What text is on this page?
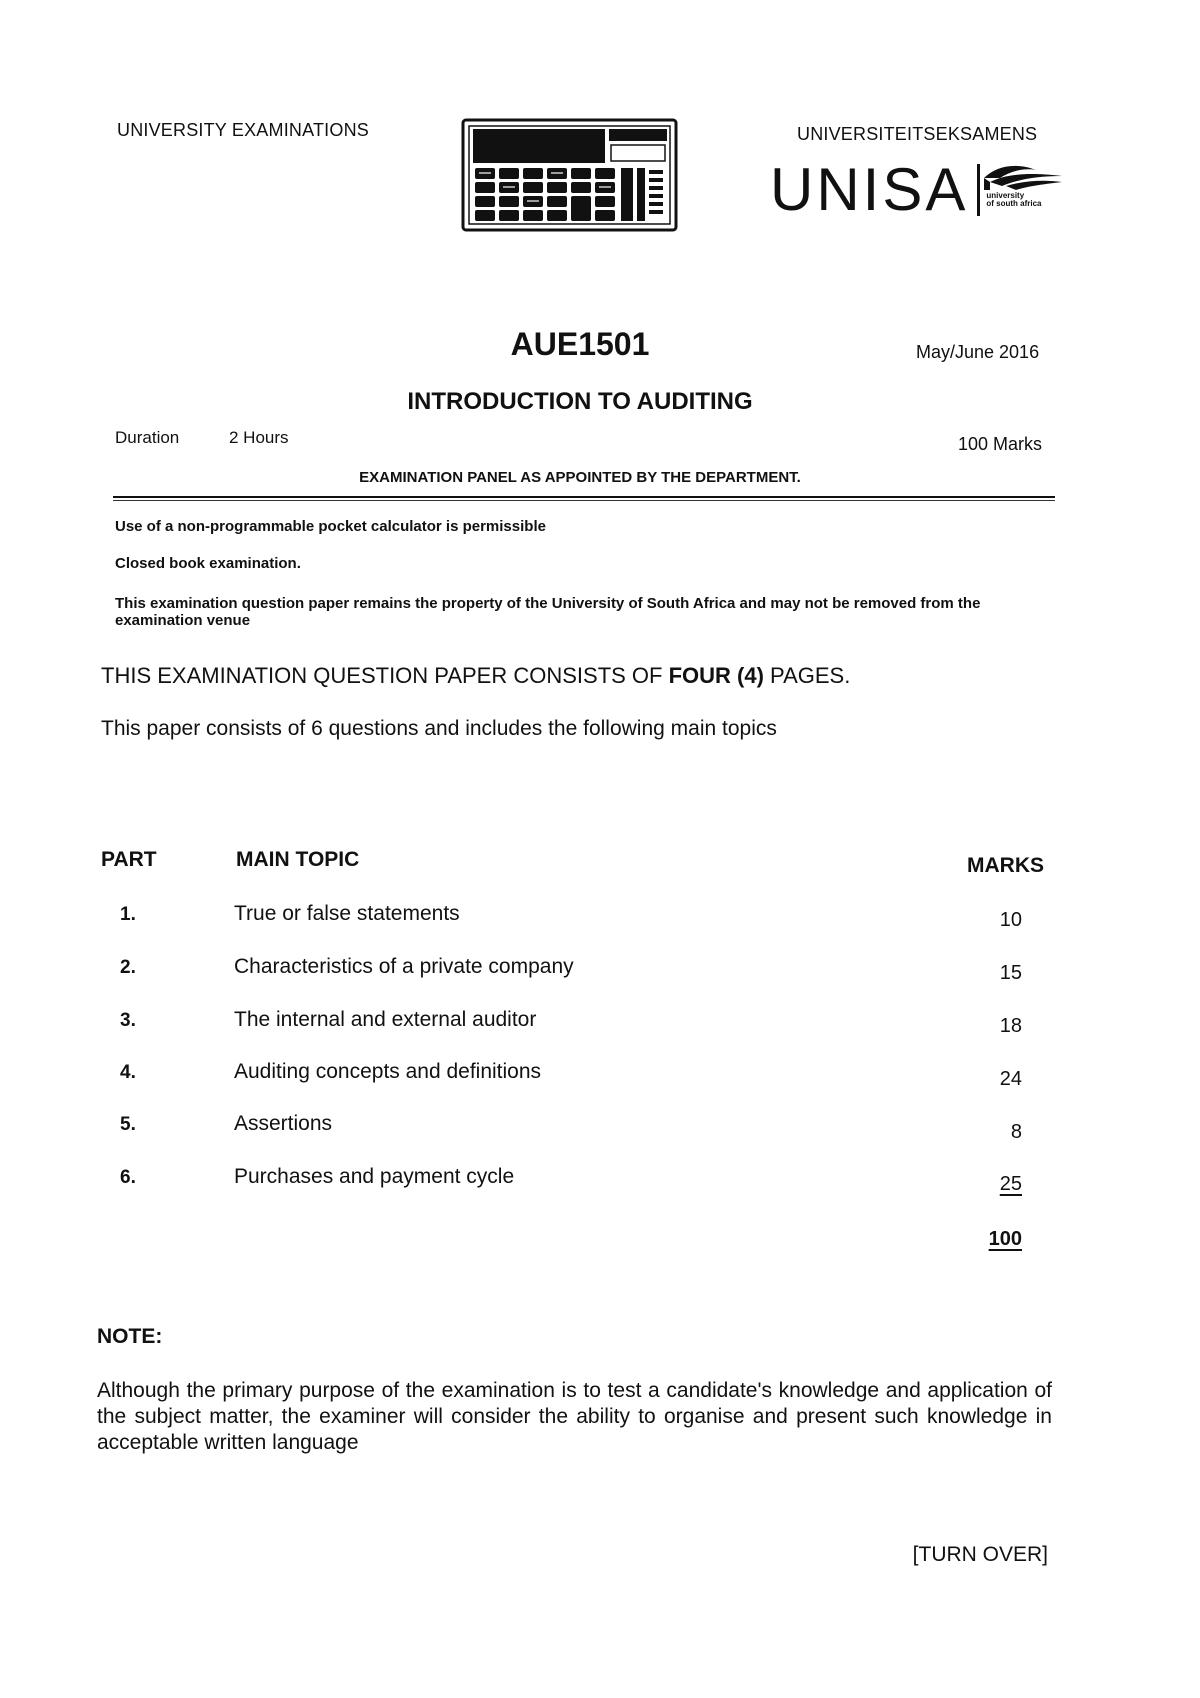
UNIVERSITY EXAMINATIONS	UNIVERSITEITSEKSAMENS
UNISA university
of south africa
AUE1501	May/June 2016
INTRODUCTION TO AUDITING
Duration	2 Hours	100 Marks
EXAMINATION PANEL AS APPOINTED BY THE DEPARTMENT.
Use of a non-programmable pocket calculator is permissible
Closed book examination.
This examination question paper remains the property of the University of South Africa and may not be removed from the examination venue
THIS EXAMINATION QUESTION PAPER CONSISTS OF FOUR (4) PAGES.
This paper consists of 6 questions and includes the following main topics
PART	MAIN TOPIC	MARKS
1.	True or false statements	10
2.	Characteristics of a private company	15
3.	The internal and external auditor	18
4.	Auditing concepts and definitions	24
5.	Assertions	8
6.	Purchases and payment cycle	25
100
NOTE:
Although the primary purpose of the examination is to test a candidate's knowledge and application of the subject matter, the examiner will consider the ability to organise and present such knowledge in acceptable written language
[TURN OVER]
